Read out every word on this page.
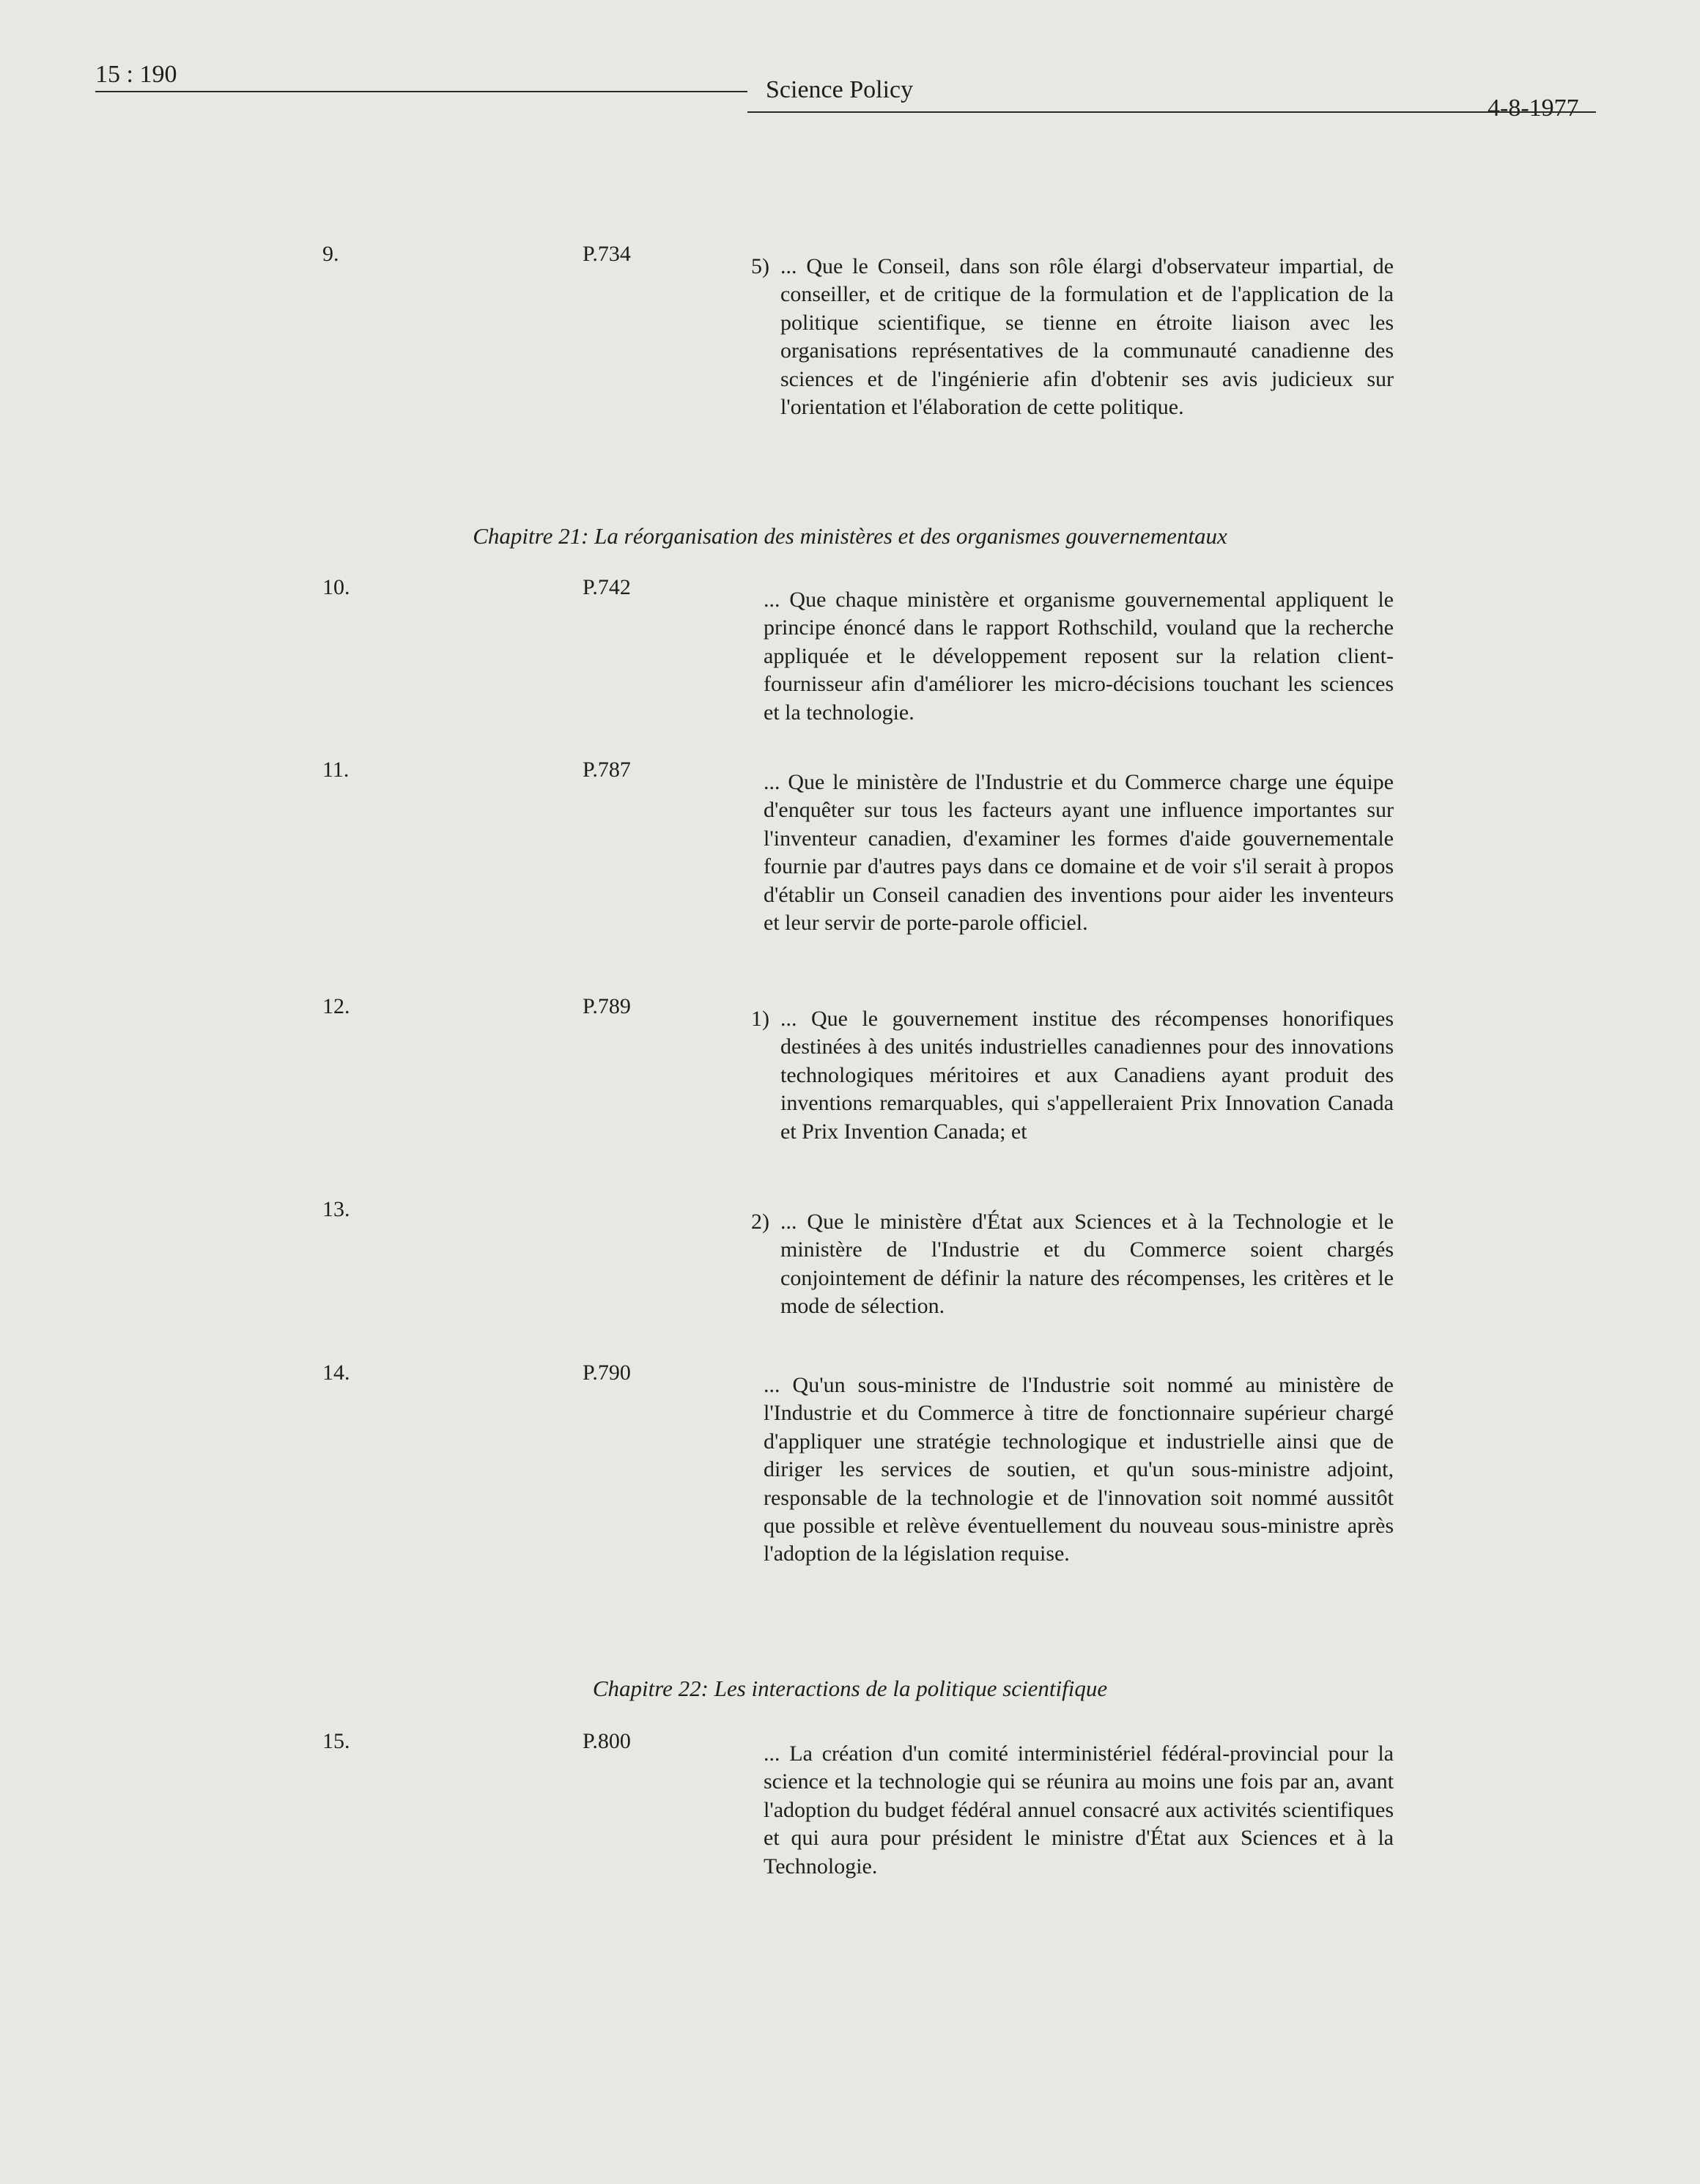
15 : 190
Science Policy
4-8-1977
9.	P.734
5) ... Que le Conseil, dans son rôle élargi d'observateur impartial, de conseiller, et de critique de la formulation et de l'application de la politique scientifique, se tienne en étroite liaison avec les organisations représentatives de la communauté canadienne des sciences et de l'ingénierie afin d'obtenir ses avis judicieux sur l'orientation et l'élaboration de cette politique.
Chapitre 21: La réorganisation des ministères et des organismes gouvernementaux
10.	P.742
... Que chaque ministère et organisme gouvernemental appliquent le principe énoncé dans le rapport Rothschild, vouland que la recherche appliquée et le développement reposent sur la relation client-fournisseur afin d'améliorer les micro-décisions touchant les sciences et la technologie.
11.	P.787
... Que le ministère de l'Industrie et du Commerce charge une équipe d'enquêter sur tous les facteurs ayant une influence importantes sur l'inventeur canadien, d'examiner les formes d'aide gouvernementale fournie par d'autres pays dans ce domaine et de voir s'il serait à propos d'établir un Conseil canadien des inventions pour aider les inventeurs et leur servir de porte-parole officiel.
12.	P.789
1) ... Que le gouvernement institue des récompenses honorifiques destinées à des unités industrielles canadiennes pour des innovations technologiques méritoires et aux Canadiens ayant produit des inventions remarquables, qui s'appelleraient Prix Innovation Canada et Prix Invention Canada; et
13.
2) ... Que le ministère d'État aux Sciences et à la Technologie et le ministère de l'Industrie et du Commerce soient chargés conjointement de définir la nature des récompenses, les critères et le mode de sélection.
14.	P.790
... Qu'un sous-ministre de l'Industrie soit nommé au ministère de l'Industrie et du Commerce à titre de fonctionnaire supérieur chargé d'appliquer une stratégie technologique et industrielle ainsi que de diriger les services de soutien, et qu'un sous-ministre adjoint, responsable de la technologie et de l'innovation soit nommé aussitôt que possible et relève éventuellement du nouveau sous-ministre après l'adoption de la législation requise.
Chapitre 22: Les interactions de la politique scientifique
15.	P.800
... La création d'un comité interministériel fédéral-provincial pour la science et la technologie qui se réunira au moins une fois par an, avant l'adoption du budget fédéral annuel consacré aux activités scientifiques et qui aura pour président le ministre d'État aux Sciences et à la Technologie.
